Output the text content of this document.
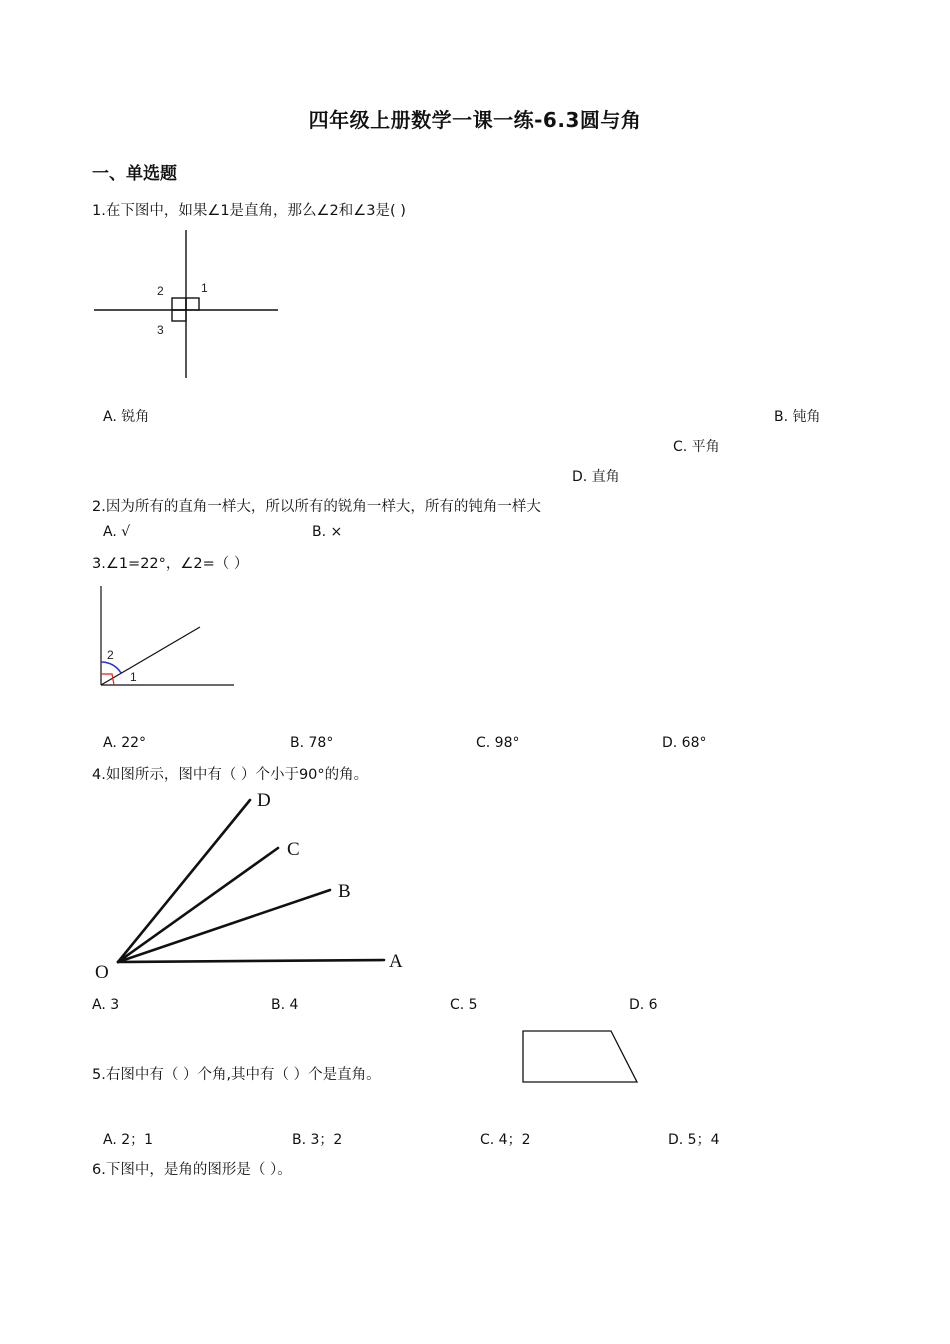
四年级上册数学一课一练-6.3圆与角
一、单选题
1.在下图中，如果∠1是直角，那么∠2和∠3是( )
1
2
3
A. 锐角	B. 钝角
C. 平角
D. 直角
2.因为所有的直角一样大，所以所有的锐角一样大，所有的钝角一样大
A. √	B. ×
3.∠1=22°，∠2=（ ）
2
1
A. 22°	B. 78°	C. 98°	D. 68°
4.如图所示，图中有（ ）个小于90°的角。
D
C
B
A
O
A. 3	B. 4	C. 5	D. 6
5.右图中有（ ）个角,其中有（ ）个是直角。
A. 2；1	B. 3；2	C. 4；2	D. 5；4
6.下图中，是角的图形是（ ）。
